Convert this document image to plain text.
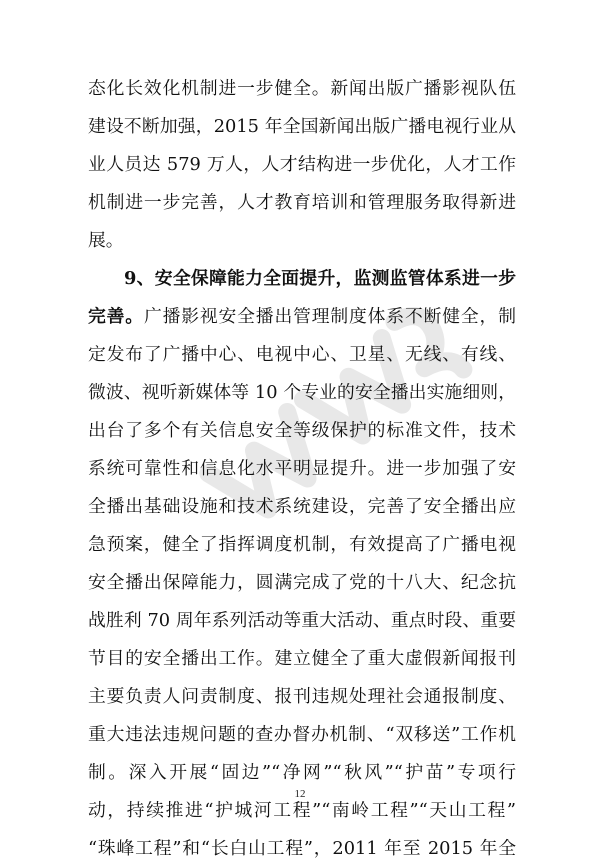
态化长效化机制进一步健全。新闻出版广播影视队伍
建设不断加强，2015 年全国新闻出版广播电视行业从
业人员达 579 万人，人才结构进一步优化，人才工作
机制进一步完善，人才教育培训和管理服务取得新进
展。
9、安全保障能力全面提升，监测监管体系进一步
完善。广播影视安全播出管理制度体系不断健全，制
定发布了广播中心、电视中心、卫星、无线、有线、
微波、视听新媒体等 10 个专业的安全播出实施细则，
出台了多个有关信息安全等级保护的标准文件，技术
系统可靠性和信息化水平明显提升。进一步加强了安
全播出基础设施和技术系统建设，完善了安全播出应
急预案，健全了指挥调度机制，有效提高了广播电视
安全播出保障能力，圆满完成了党的十八大、纪念抗
战胜利 70 周年系列活动等重大活动、重点时段、重要
节目的安全播出工作。建立健全了重大虚假新闻报刊
主要负责人问责制度、报刊违规处理社会通报制度、
重大违法违规问题的查办督办机制、“双移送”工作机
制。深入开展“固边”“净网”“秋风”“护苗”专项行
动，持续推进“护城河工程”“南岭工程”“天山工程”
“珠峰工程”和“长白山工程”，2011 年至 2015 年全
12
